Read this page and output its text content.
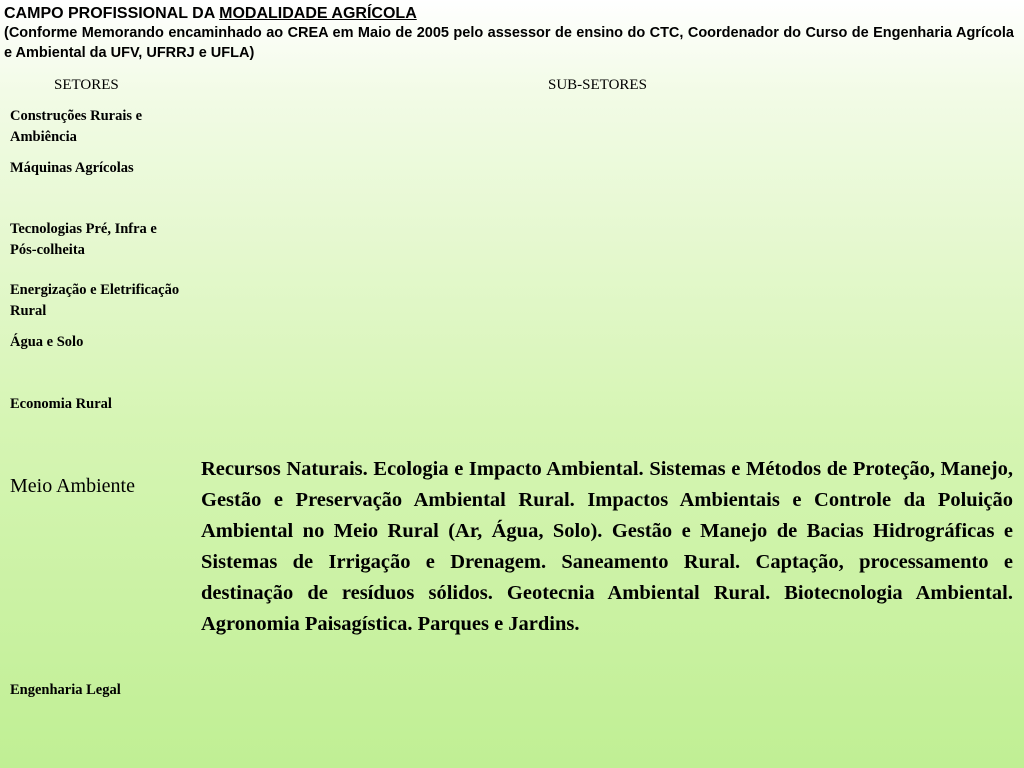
CAMPO PROFISSIONAL DA MODALIDADE AGRÍCOLA
(Conforme Memorando encaminhado ao CREA em Maio de 2005 pelo assessor de ensino do CTC, Coordenador do Curso de Engenharia Agrícola e Ambiental da UFV, UFRRJ e UFLA)
SETORES	SUB-SETORES
Construções Rurais e Ambiência
Máquinas Agrícolas
Tecnologias Pré, Infra e Pós-colheita
Energização e Eletrificação Rural
Água e Solo
Economia Rural
Meio Ambiente
Engenharia Legal
Recursos Naturais. Ecologia e Impacto Ambiental. Sistemas e Métodos de Proteção, Manejo, Gestão e Preservação Ambiental Rural. Impactos Ambientais e Controle da Poluição Ambiental no Meio Rural (Ar, Água, Solo). Gestão e Manejo de Bacias Hidrográficas e Sistemas de Irrigação e Drenagem. Saneamento Rural. Captação, processamento e destinação de resíduos sólidos. Geotecnia Ambiental Rural. Biotecnologia Ambiental. Agronomia Paisagística. Parques e Jardins.
